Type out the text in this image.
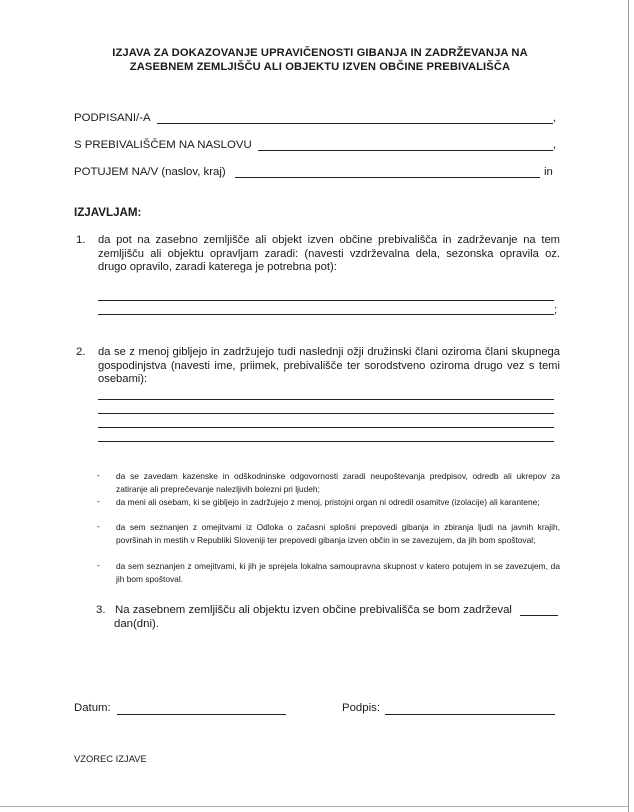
IZJAVA ZA DOKAZOVANJE UPRAVIČENOSTI GIBANJA IN ZADRŽEVANJA NA
ZASEBNEM ZEMLJIŠČU ALI OBJEKTU IZVEN OBČINE PREBIVALIŠČA
PODPISANI/-A	,
S PREBIVALIŠČEM NA NASLOVU	,
POTUJEM NA/V (naslov, kraj)	in
IZJAVLJAM:
1. da pot na zasebno zemljišče ali objekt izven občine prebivališča in zadrževanje na tem zemljišču ali objektu opravljam zaradi: (navesti vzdrževalna dela, sezonska opravila oz. drugo opravilo, zaradi katerega je potrebna pot):
;
2. da se z menoj gibljejo in zadržujejo tudi naslednji ožji družinski člani oziroma člani skupnega gospodinjstva (navesti ime, priimek, prebivališče ter sorodstveno oziroma drugo vez s temi osebami):
- da se zavedam kazenske in odškodninske odgovornosti zaradi neupoštevanja predpisov, odredb ali ukrepov za zatiranje ali preprečevanje nalezljivih bolezni pri ljudeh;
- da meni ali osebam, ki se gibljejo in zadržujejo z menoj, pristojni organ ni odredil osamitve (izolacije) ali karantene;
- da sem seznanjen z omejitvami iz Odloka o začasni splošni prepovedi gibanja in zbiranja ljudi na javnih krajih, površinah in mestih v Republiki Sloveniji ter prepovedi gibanja izven občin in se zavezujem, da jih bom spoštoval;
- da sem seznanjen z omejitvami, ki jih je sprejela lokalna samoupravna skupnost v katero potujem in se zavezujem, da jih bom spoštoval.
3. Na zasebnem zemljišču ali objektu izven občine prebivališča se bom zadrževal
dan(dni).
Datum:	Podpis:
VZOREC IZJAVE
